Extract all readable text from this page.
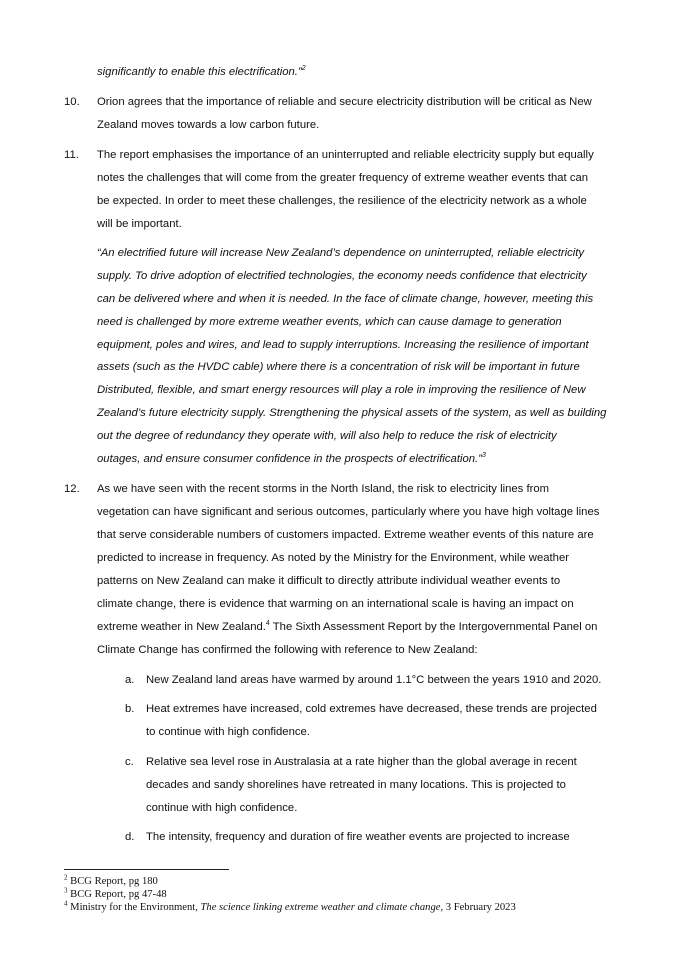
significantly to enable this electrification.”$^2$

10. Orion agrees that the importance of reliable and secure electricity distribution will be critical as New

Zealand moves towards a low carbon future.

11. The report emphasises the importance of an uninterrupted and reliable electricity supply but equally

notes the challenges that will come from the greater frequency of extreme weather events that can

be expected. In order to meet these challenges, the resilience of the electricity network as a whole

will be important.

“An electrified future will increase New Zealand’s dependence on uninterrupted, reliable electricity

supply. To drive adoption of electrified technologies, the economy needs confidence that electricity

can be delivered where and when it is needed. In the face of climate change, however, meeting this

need is challenged by more extreme weather events, which can cause damage to generation

equipment, poles and wires, and lead to supply interruptions. Increasing the resilience of important

assets (such as the HVDC cable) where there is a concentration of risk will be important in future

Distributed, flexible, and smart energy resources will play a role in improving the resilience of New

Zealand’s future electricity supply. Strengthening the physical assets of the system, as well as building

out the degree of redundancy they operate with, will also help to reduce the risk of electricity

outages, and ensure consumer confidence in the prospects of electrification.”$^3$

12. As we have seen with the recent storms in the North Island, the risk to electricity lines from

vegetation can have significant and serious outcomes, particularly where you have high voltage lines

that serve considerable numbers of customers impacted. Extreme weather events of this nature are

predicted to increase in frequency. As noted by the Ministry for the Environment, while weather

patterns on New Zealand can make it difficult to directly attribute individual weather events to

climate change, there is evidence that warming on an international scale is having an impact on

extreme weather in New Zealand.$^4$ The Sixth Assessment Report by the Intergovernmental Panel on

Climate Change has confirmed the following with reference to New Zealand:

a. New Zealand land areas have warmed by around 1.1°C between the years 1910 and 2020.

b. Heat extremes have increased, cold extremes have decreased, these trends are projected

to continue with high confidence.

c. Relative sea level rose in Australasia at a rate higher than the global average in recent

decades and sandy shorelines have retreated in many locations. This is projected to

continue with high confidence.

d. The intensity, frequency and duration of fire weather events are projected to increase

$^2$ BCG Report, pg 180

$^3$ BCG Report, pg 47-48

$^4$ Ministry for the Environment, The science linking extreme weather and climate change, 3 February 2023
